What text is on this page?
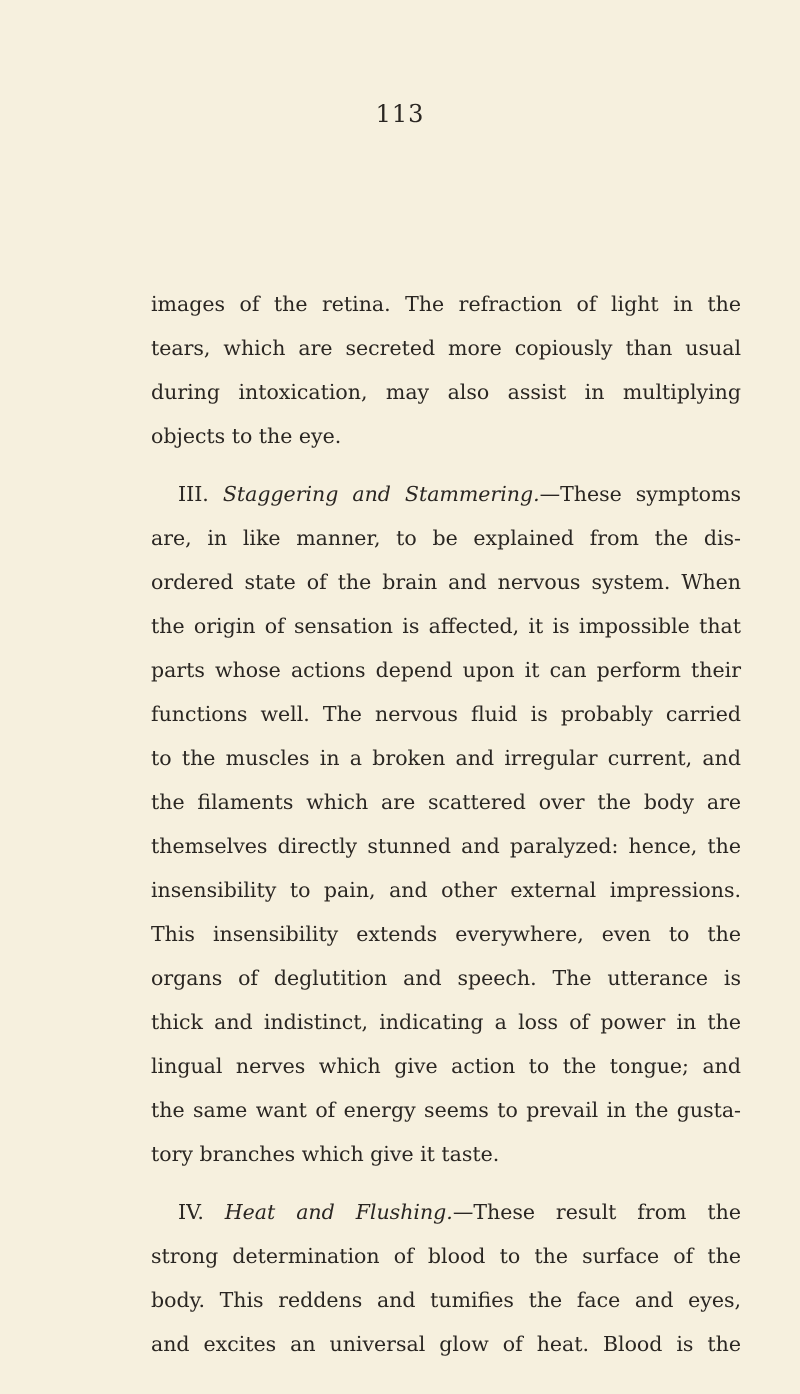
113
images of the retina. The refraction of light in the
tears, which are secreted more copiously than usual
during intoxication, may also assist in multiplying
objects to the eye.
III. Staggering and Stammering.—These symptoms
are, in like manner, to be explained from the dis-
ordered state of the brain and nervous system. When
the origin of sensation is affected, it is impossible that
parts whose actions depend upon it can perform their
functions well. The nervous fluid is probably carried
to the muscles in a broken and irregular current, and
the filaments which are scattered over the body are
themselves directly stunned and paralyzed: hence, the
insensibility to pain, and other external impressions.
This insensibility extends everywhere, even to the
organs of deglutition and speech. The utterance is
thick and indistinct, indicating a loss of power in the
lingual nerves which give action to the tongue; and
the same want of energy seems to prevail in the gusta-
tory branches which give it taste.
IV. Heat and Flushing.—These result from the
strong determination of blood to the surface of the
body. This reddens and tumifies the face and eyes,
and excites an universal glow of heat. Blood is the
